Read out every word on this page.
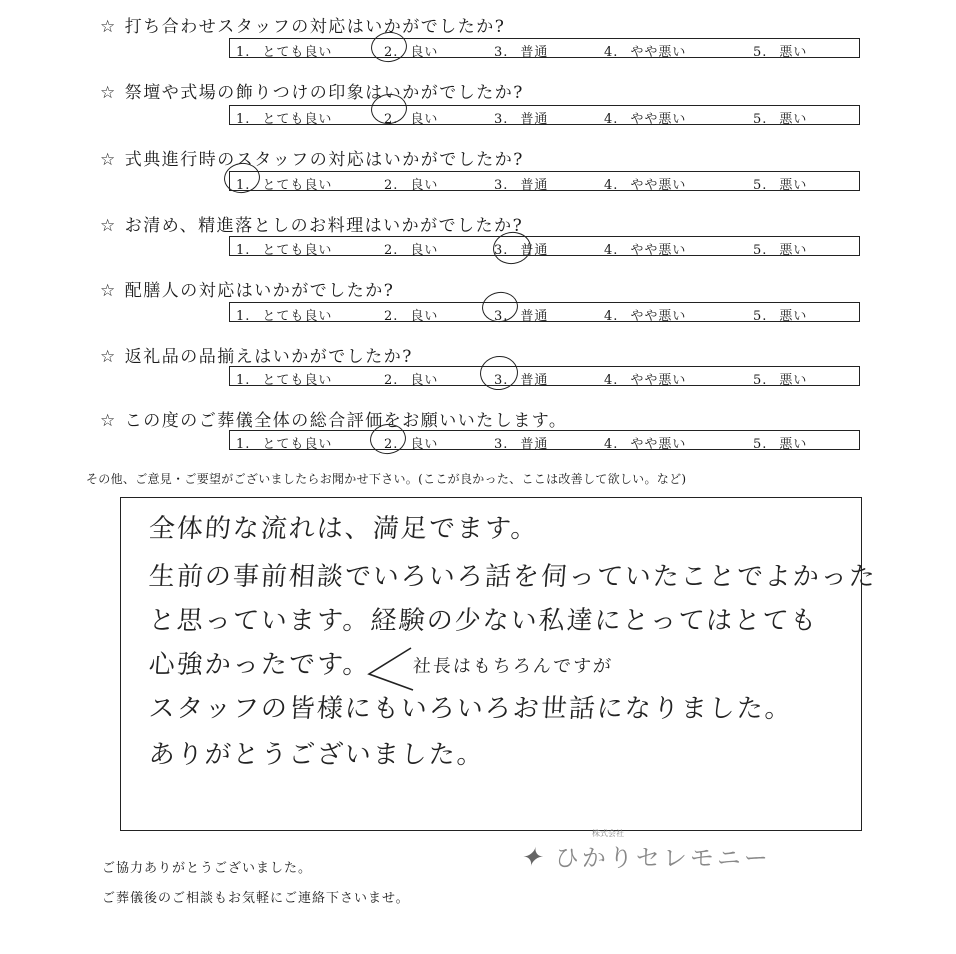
☆ 打ち合わせスタッフの対応はいかがでしたか?
1. とても良い	2. 良い	3. 普通	4. やや悪い	5. 悪い
☆ 祭壇や式場の飾りつけの印象はいかがでしたか?
1. とても良い	2. 良い	3. 普通	4. やや悪い	5. 悪い
☆ 式典進行時のスタッフの対応はいかがでしたか?
1. とても良い	2. 良い	3. 普通	4. やや悪い	5. 悪い
☆ お清め、精進落としのお料理はいかがでしたか?
1. とても良い	2. 良い	3. 普通	4. やや悪い	5. 悪い
☆ 配膳人の対応はいかがでしたか?
1. とても良い	2. 良い	3. 普通	4. やや悪い	5. 悪い
☆ 返礼品の品揃えはいかがでしたか?
1. とても良い	2. 良い	3. 普通	4. やや悪い	5. 悪い
☆ この度のご葬儀全体の総合評価をお願いいたします。
1. とても良い	2. 良い	3. 普通	4. やや悪い	5. 悪い
その他、ご意見・ご要望がございましたらお聞かせ下さい。(ここが良かった、ここは改善して欲しい。など)
全体的な流れは、満足でます。
生前の事前相談でいろいろ話を伺っていたことでよかった
と思っています。経験の少ない私達にとってはとても
心強かったです。 社長はもちろんですが
スタッフの皆様にもいろいろお世話になりました。
ありがとうございました。
ご協力ありがとうございました。
ご葬儀後のご相談もお気軽にご連絡下さいませ。
✦
株式会社
ひかりセレモニー
